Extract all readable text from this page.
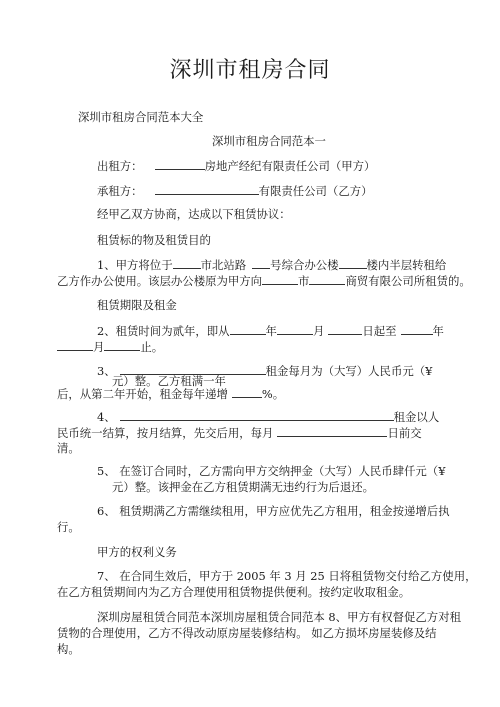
深圳市租房合同
深圳市租房合同范本大全
深圳市租房合同范本一
出租方：	房地产经纪有限责任公司（甲方）
承租方：	有限责任公司（乙方）
经甲乙双方协商，达成以下租赁协议：
租赁标的物及租赁目的
1、甲方将位于 市北站路 号综合办公楼 楼内半层转租给
乙方作办公使用。该层办公楼原为甲方向	市	商贸有限公司所租赁的。
租赁期限及租金
2、租赁时间为贰年，即从	年	月	日起至	年
月	止。
3、	租金每月为（大写）人民币元（¥
元）整。乙方租满一年
后，从第二年开始，租金每年递增	%。
4、	租金以人
民币统一结算，按月结算，先交后用，每月	日前交
清。
5、 在签订合同时，乙方需向甲方交纳押金（大写）人民币肆仟元（¥
元）整。该押金在乙方租赁期满无违约行为后退还。
6、 租赁期满乙方需继续租用，甲方应优先乙方租用，租金按递增后执
行。
甲方的权利义务
7、 在合同生效后，甲方于 2005 年 3 月 25 日将租赁物交付给乙方使用，
在乙方租赁期间内为乙方合理使用租赁物提供便利。按约定收取租金。
深圳房屋租赁合同范本深圳房屋租赁合同范本 8、甲方有权督促乙方对租
赁物的合理使用，乙方不得改动原房屋装修结构。 如乙方损坏房屋装修及结
构。
